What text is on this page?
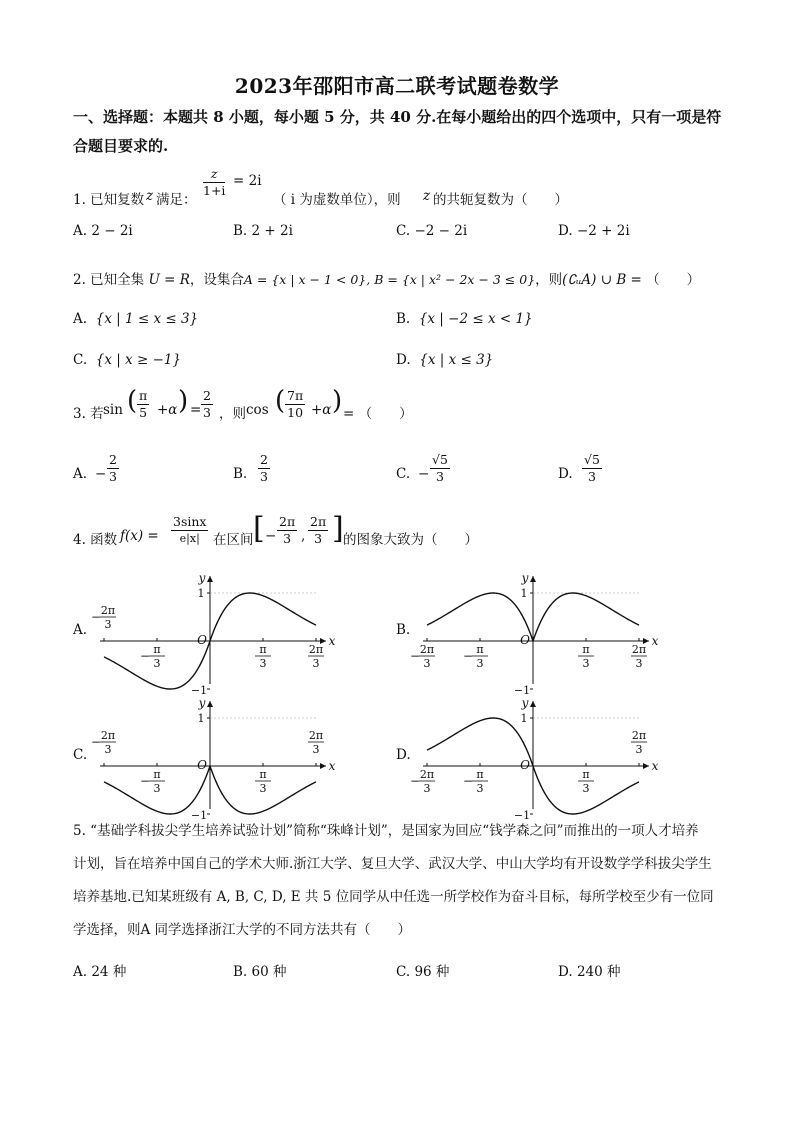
2023年邵阳市高二联考试题卷数学
一、选择题：本题共 8 小题，每小题 5 分，共 40 分.在每小题给出的四个选项中，只有一项是符合题目要求的.
1. 已知复数 z 满足：
$\frac{z}{1+i} = 2i$
（ i 为虚数单位），则 z 的共轭复数为（　　）
A. 2 − 2i	B. 2 + 2i	C. −2 − 2i	D. −2 + 2i
2. 已知全集 U = R，设集合A = {x | x − 1 < 0}, B = {x | x² − 2x − 3 ≤ 0}，则(∁ᵤA) ∪ B = （　　）
A. {x | 1 ≤ x ≤ 3}	B. {x | −2 ≤ x < 1}
C. {x | x ≥ −1}	D. {x | x ≤ 3}
3. 若 sin ( $\frac{\pi}{5} +\alpha$ ) = $\frac{2}{3}$ ，则 cos ( $\frac{7\pi}{10} +\alpha$ ) = （　　）
A. − $\frac{2}{3}$	B. $\frac{2}{3}$	C. − $\frac{√5}{3}$	D. $\frac{√5}{3}$
4. 函数 $f(x) = \frac{3\sin x}{e|x|}$ 在区间 [ − $\frac{2\pi}{3}$ , $\frac{2\pi}{3}$ ] 的图象大致为（　　）
A.
y
x
O
1
−1
− π
3
π
3
− 2π
3
2π
3
B.
y
x
O
1
−1
− π
3
π
3
− 2π
3
2π
3
C.
y
x
O
1
−1
− π
3
π
3
− 2π
3
2π
3	D.
y
x
O
1
−1
− π
3
π
3
− 2π
3
2π
3
5. “基础学科拔尖学生培养试验计划”简称“珠峰计划”，是国家为回应“钱学森之问”而推出的一项人才培养
计划，旨在培养中国自己的学术大师.浙江大学、复旦大学、武汉大学、中山大学均有开设数学学科拔尖学生
培养基地.已知某班级有 A, B, C, D, E 共 5 位同学从中任选一所学校作为奋斗目标，每所学校至少有一位同
学选择，则A 同学选择浙江大学的不同方法共有（　　）
A. 24 种	B. 60 种	C. 96 种	D. 240 种
